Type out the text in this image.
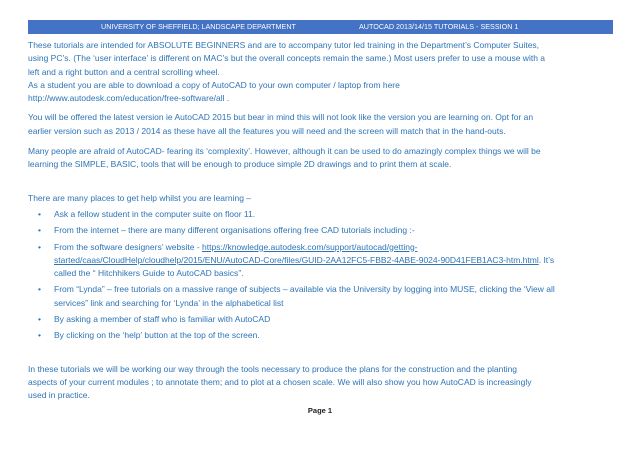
UNIVERSITY OF SHEFFIELD; LANDSCAPE DEPARTMENT	AUTOCAD 2013/14/15 TUTORIALS - SESSION 1

These tutorials are intended for ABSOLUTE BEGINNERS and are to accompany tutor led training in the Department’s Computer Suites,
using PC’s. (The ‘user interface’ is different on MAC’s but the overall concepts remain the same.) Most users prefer to use a mouse with a
left and a right button and a central scrolling wheel.
As a student you are able to download a copy of AutoCAD to your own computer / laptop from here
http://www.autodesk.com/education/free-software/all .

You will be offered the latest version ie AutoCAD 2015 but bear in mind this will not look like the version you are learning on. Opt for an
earlier version such as 2013 / 2014 as these have all the features you will need and the screen will match that in the hand-outs.

Many people are afraid of AutoCAD- fearing its ‘complexity’. However, although it can be used to do amazingly complex things we will be
learning the SIMPLE, BASIC, tools that will be enough to produce simple 2D drawings and to print them at scale.

There are many places to get help whilst you are learning –

• Ask a fellow student in the computer suite on floor 11.
• From the internet – there are many different organisations offering free CAD tutorials including :-
• From the software designers’ website - https://knowledge.autodesk.com/support/autocad/getting-
started/caas/CloudHelp/cloudhelp/2015/ENU/AutoCAD-Core/files/GUID-2AA12FC5-FBB2-4ABE-9024-90D41FEB1AC3-htm.html. It’s
called the “ Hitchhikers Guide to AutoCAD basics”.
• From “Lynda” – free tutorials on a massive range of subjects – available via the University by logging into MUSE, clicking the ‘View all
services” link and searching for ‘Lynda’ in the alphabetical list
• By asking a member of staff who is familiar with AutoCAD
• By clicking on the ‘help’ button at the top of the screen.

In these tutorials we will be working our way through the tools necessary to produce the plans for the construction and the planting
aspects of your current modules ; to annotate them; and to plot at a chosen scale. We will also show you how AutoCAD is increasingly
used in practice.

Page 1
